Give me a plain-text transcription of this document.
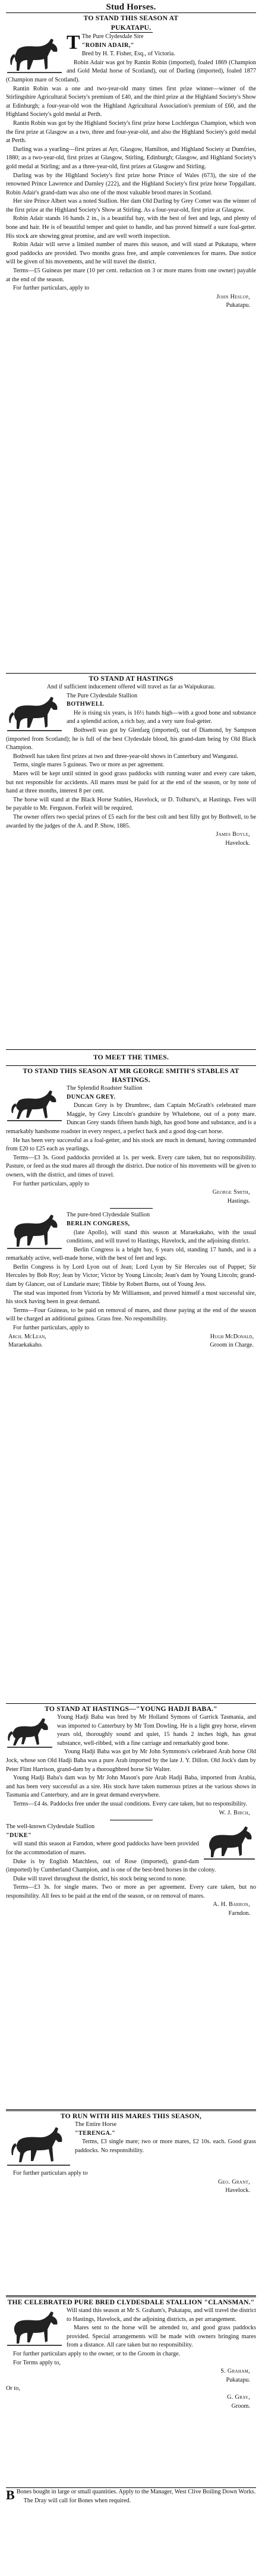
Stud Horses.
TO STAND THIS SEASON AT
PUKATAPU.
T The Pure Clydesdale Sire
"ROBIN ADAIR,"
Bred by H. T. Fisher, Esq., of Victoria.

Robin Adair was got by Rantin Robin (imported), foaled 1869 (Champion and Gold Medal horse of Scotland), out of Darling (imported), foaled 1877 (Champion mare of Scotland).

Rantin Robin was a one and two-year-old many times first prize winner—winner of the Stirlingshire Agricultural Society's premium of £40, and the third prize at the Highland Society's Show at Edinburgh; a four-year-old won the Highland Agricultural Association's premium of £60, and the Highland Society's gold medal at Perth.

Rantin Robin was got by the Highland Society's first prize horse Lochfergus Champion, which won the first prize at Glasgow as a two, three and four-year-old, and also the Highland Society's gold medal at Perth.

Darling was a yearling—first prizes at Ayr, Glasgow, Hamilton, and Highland Society at Dumfries, 1880; as a two-year-old, first prizes at Glasgow, Stirling, Edinburgh; Glasgow, and Highland Society's gold medal at Stirling; and as a three-year-old, first prizes at Glasgow and Stirling.

Darling was by the Highland Society's first prize horse Prince of Wales (673), the sire of the renowned Prince Lawrence and Darnley (222), and the Highland Society's first prize horse Topgallant. Robin Adair's grand-dam was also one of the most valuable brood mares in Scotland.

Her sire Prince Albert was a noted Stallion. Her dam Old Darling by Grey Comet was the winner of the first prize at the Highland Society's Show at Stirling. As a four-year-old, first prize at Glasgow.

Robin Adair stands 16 hands 2 in., is a beautiful bay, with the best of feet and legs, and plenty of bone and hair. He is of beautiful temper and quiet to handle, and has proved himself a sure foal-getter. His stock are showing great promise, and are well worth inspection.

Robin Adair will serve a limited number of mares this season, and will stand at Pukatapu, where good paddocks are provided. Two months grass free, and ample conveniences for mares. Due notice will be given of his movements, and he will travel the district.

Terms—£5 Guineas per mare (10 per cent. reduction on 3 or more mares from one owner) payable at the end of the season.

For further particulars, apply to

John Heslop,
Pukatapu.
TO STAND AT HASTINGS

And if sufficient inducement offered will travel as far as Waipukurau.

The Pure Clydesdale Stallion
BOTHWELL

He is rising six years, is 16½ hands high—with a good bone and substance and a splendid action, a rich bay, and a very sure foal-getter.

Bothwell was got by Glenfarg (imported), out of Diamond, by Sampson (imported from Scotland); he is full of the best Clydesdale blood, his grand-dam being by Old Black Champion.

Bothwell has taken first prizes at two and three-year-old shows in Canterbury and Wanganui.

Terms, single mares 5 guineas. Two or more as per agreement.

Mares will be kept until stinted in good grass paddocks with running water and every care taken, but not responsible for accidents. All mares must be paid for at the end of the season, or by note of hand at three months, interest 8 per cent.

The horse will stand at the Black Horse Stables, Havelock, or D. Tolhurst's, at Hastings. Fees will be payable to Mr. Ferguson. Forfeit will be required.

The owner offers two special prizes of £5 each for the best colt and best filly got by Bothwell, to be awarded by the judges of the A. and P. Show, 1885.

James Boyle,
Havelock.
TO MEET THE TIMES.
TO STAND THIS SEASON AT MR GEORGE SMITH'S STABLES AT HASTINGS.
The Splendid Roadster Stallion
DUNCAN GREY.

Duncan Grey is by Drumbrec, dam Captain McGrath's celebrated mare Maggie, by Grey Lincoln's grandsire by Whalebone, out of a pony mare. Duncan Grey stands fifteen hands high, has good bone and substance, and is a remarkably handsome roadster in every respect, a perfect hack and a good dog-cart horse.

He has been very successful as a foal-getter, and his stock are much in demand, having commanded from £20 to £25 each as yearlings.

Terms—£3 3s. Good paddocks provided at 1s. per week. Every care taken, but no responsibility. Pasture, or feed as the stud mares all through the district. Due notice of his movements will be given to owners, with the district, and times of travel.

For further particulars, apply to

George Smith,
Hastings.
The pure-bred Clydesdale Stallion
BERLIN CONGRESS,

(late Apollo), will stand this season at Maraekakaho, with the usual conditions, and will travel to Hastings, Havelock, and the adjoining district.

Berlin Congress is a bright bay, 6 years old, standing 17 hands, and is a remarkably active, well-made horse, with the best of feet and legs.

Berlin Congress is by Lord Lyon out of Jean; Lord Lyon by Sir Hercules out of Puppet; Sir Hercules by Bob Roy; Jean by Victor; Victor by Young Lincoln; Jean's dam by Young Lincoln; grand-dam by Glancer, out of Lundarie mare; Tibbie by Robert Burns, out of Young Jess.

The stud was imported from Victoria by Mr Williamson, and proved himself a most successful sire, his stock having been in great demand.

Terms—Four Guineas, to be paid on removal of mares, and those paying at the end of the season will be charged an additional guinea. Grass free. No responsibility.

For further particulars, apply to

Arch. McLean,	Hugh McDonald,
Maraekakaho.	Groom in Charge.
TO STAND AT HASTINGS—"YOUNG HADJI BABA."

Young Hadji Baba was bred by Mr Holland Symons of Garrick Tasmania, and was imported to Canterbury by Mr Tom Dowling. He is a light grey horse, eleven years old, thoroughly sound and quiet, 15 hands 2 inches high, has great substance, well-ribbed, with a fine carriage and remarkably good bone.

Young Hadji Baba was got by Mr John Symmons's celebrated Arab horse Old Jock, whose son Old Hadji Baba was a pure Arab imported by the late J. Y. Dillon. Old Jock's dam by Peter Flint Harrison, grand-dam by a thoroughbred horse Sir Walter.

Young Hadji Baba's dam was by Mr John Mason's pure Arab Hadji Baba, imported from Arabia, and has been very successful as a sire. His stock have taken numerous prizes at the various shows in Tasmania and Canterbury, and are in great demand everywhere.

Terms—£4 4s. Paddocks free under the usual conditions. Every care taken, but no responsibility.

W. J. Birch,
The well-known Clydesdale Stallion
"DUKE"

will stand this season at Farndon, where good paddocks have been provided for the accommodation of mares.

Duke is by English Matchless, out of Rose (imported), grand-dam (imported) by Cumberland Champion, and is one of the best-bred horses in the colony.

Duke will travel throughout the district, his stock being second to none.

Terms—£3 3s. for single mares. Two or more as per agreement. Every care taken, but no responsibility. All fees to be paid at the end of the season, or on removal of mares.

A. H. Barron,
Farndon.
TO RUN WITH HIS MARES THIS SEASON,
The Entire Horse
"TERENGA."

Terms, £3 single mare; two or more mares, £2 10s. each. Good grass paddocks. No responsibility.

For further particulars apply to

Geo. Grant,
Havelock.
THE CELEBRATED PURE BRED CLYDESDALE STALLION "CLANSMAN."

Will stand this season at Mr S. Graham's, Pukatapu, and will travel the district to Hastings, Havelock, and the adjoining districts, as per arrangement.

Mares sent to the horse will be attended to, and good grass paddocks provided. Special arrangements will be made with owners bringing mares from a distance. All care taken but no responsibility.

For further particulars apply to the owner, or to the Groom in charge.

For Terms apply to,

S. Graham,
Pukatapu.

Or to,

G. Gray,
Groom.

B Bones bought in large or small quantities. Apply to the Manager, West Clive Boiling Down Works.

The Dray will call for Bones when required.
